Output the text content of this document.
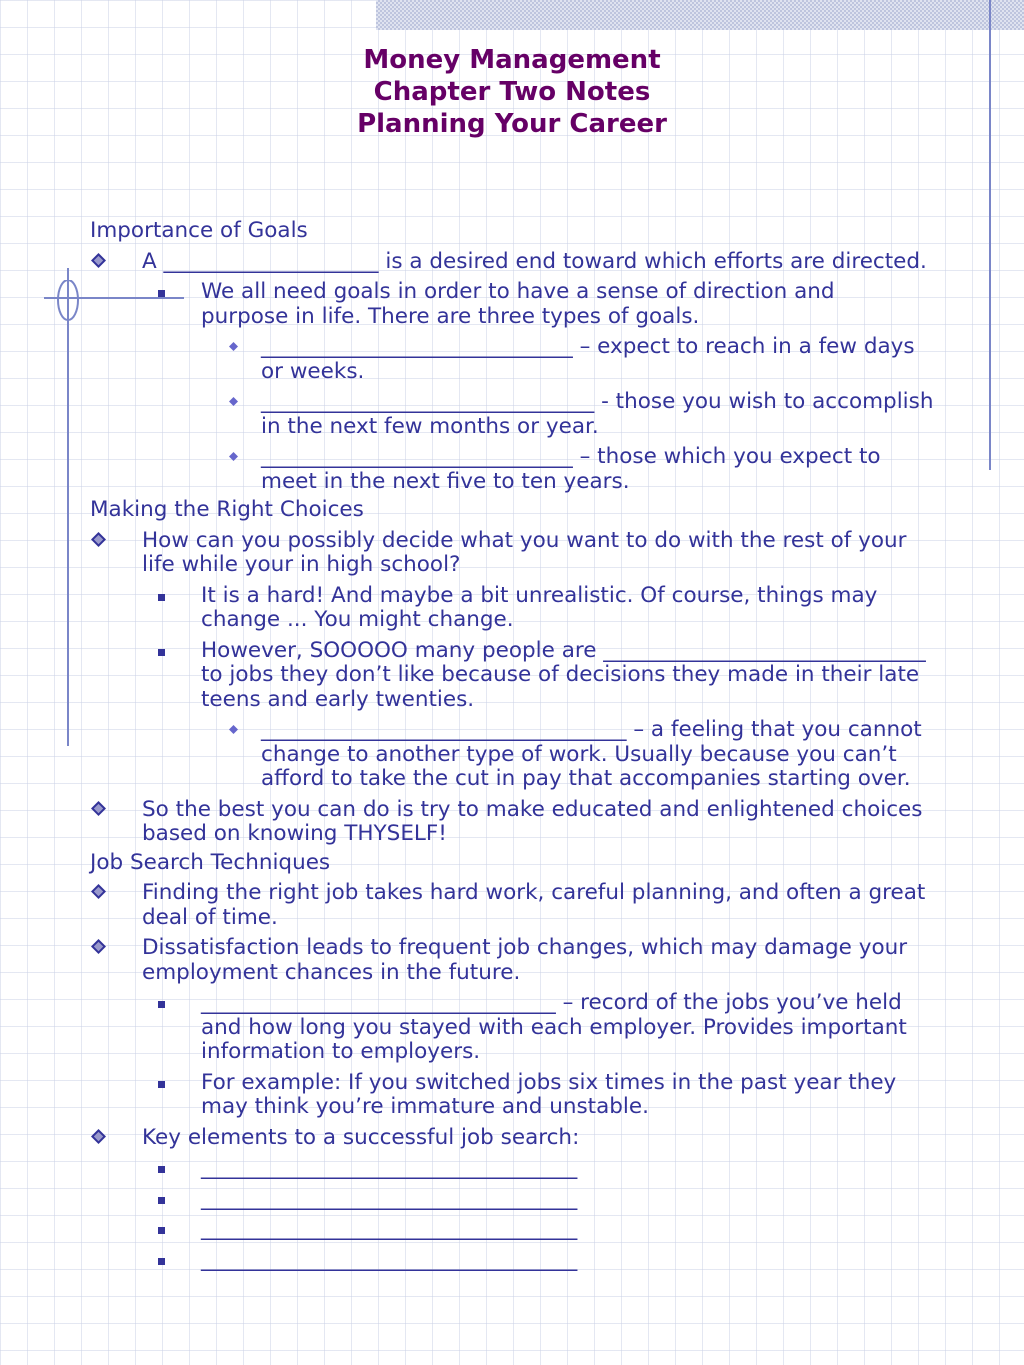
Money Management
Chapter Two Notes
Planning Your Career
Importance of Goals
A ____________________ is a desired end toward which efforts are directed.
We all need goals in order to have a sense of direction and purpose in life. There are three types of goals.
_____________________________ – expect to reach in a few days or weeks.
_______________________________ - those you wish to accomplish in the next few months or year.
_____________________________ – those which you expect to meet in the next five to ten years.
Making the Right Choices
How can you possibly decide what you want to do with the rest of your life while your in high school?
It is a hard! And maybe a bit unrealistic. Of course, things may change ... You might change.
However, SOOOOO many people are ______________________________ to jobs they don’t like because of decisions they made in their late teens and early twenties.
__________________________________ – a feeling that you cannot change to another type of work. Usually because you can’t afford to take the cut in pay that accompanies starting over.
So the best you can do is try to make educated and enlightened choices based on knowing THYSELF!
Job Search Techniques
Finding the right job takes hard work, careful planning, and often a great deal of time.
Dissatisfaction leads to frequent job changes, which may damage your employment chances in the future.
_________________________________ – record of the jobs you’ve held and how long you stayed with each employer. Provides important information to employers.
For example: If you switched jobs six times in the past year they may think you’re immature and unstable.
Key elements to a successful job search:
___________________________________
___________________________________
___________________________________
___________________________________
